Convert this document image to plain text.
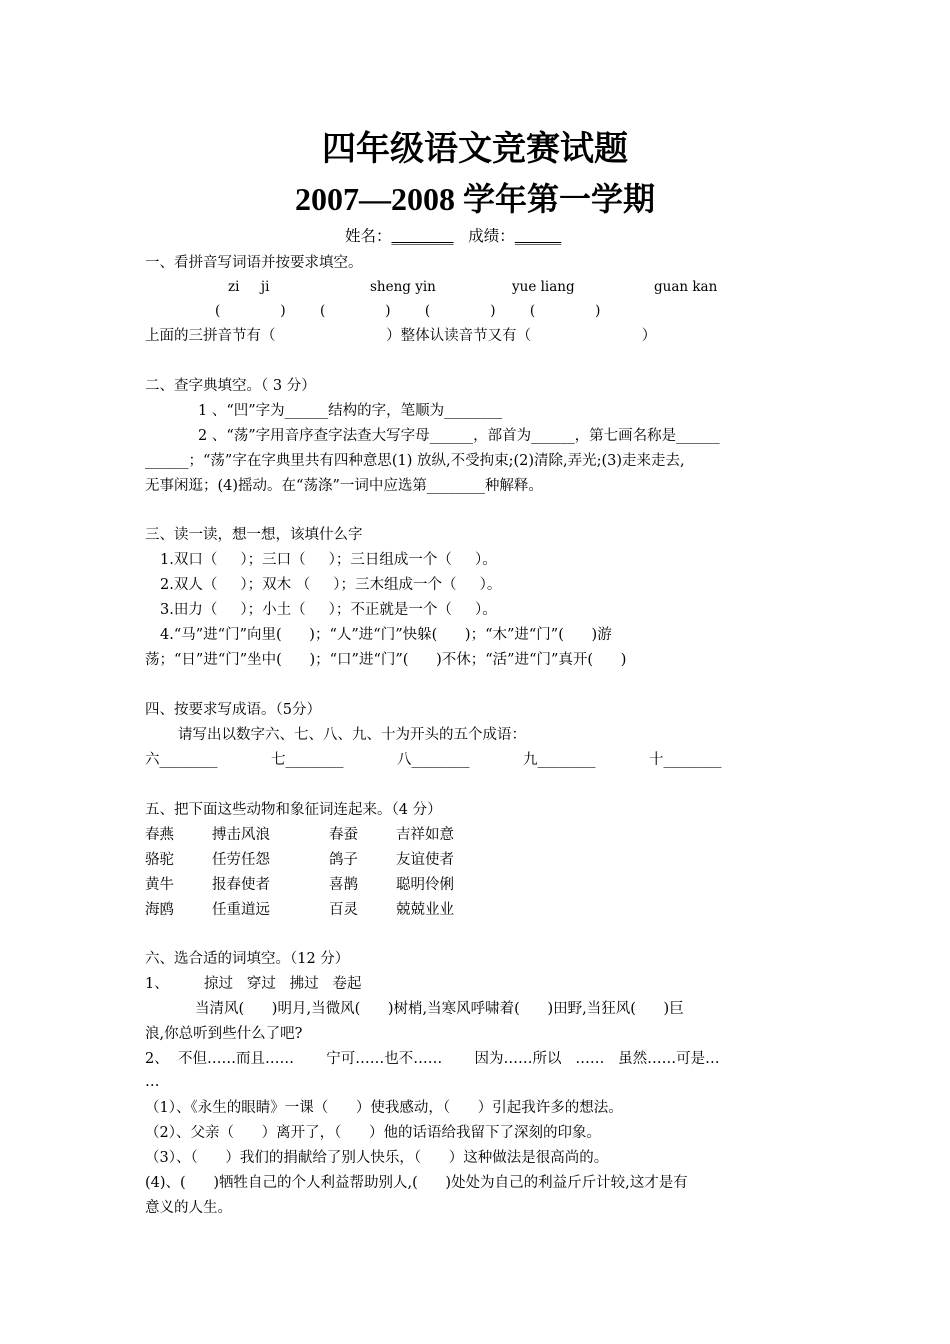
四年级语文竞赛试题
2007—2008 学年第一学期
姓名：________ 成绩：______
一、看拼音写词语并按要求填空。
zi     ji	sheng yin	yue liang	guan kan
(              )        (              )        (              )        (              )
上面的三拼音节有（                        ）整体认读音节又有（                        ）
二、查字典填空。（ 3 分）
1 、“凹”字为______结构的字，笔顺为________
2 、“荡”字用音序查字法查大写字母______，部首为______，第七画名称是______
______；“荡”字在字典里共有四种意思(1) 放纵,不受拘束;(2)清除,弄光;(3)走来走去,
无事闲逛；(4)摇动。在“荡涤”一词中应选第________种解释。
三、读一读，想一想，该填什么字
1.双口（     ）；三口（     ）；三日组成一个（     ）。
2.双人（     ）；双木 （     ）；三木组成一个（     ）。
3.田力（     ）；小土（     ）；不正就是一个（     ）。
4.“马”进“门”向里(      )；“人”进“门”快躲(      )；“木”进“门”(      )游
荡；“日”进“门”坐中(      )；“口”进“门”(      )不休；“活”进“门”真开(      )
四、按要求写成语。（5分）
请写出以数字六、七、八、九、十为开头的五个成语：
六________	七________	八________	九________	十________
五、把下面这些动物和象征词连起来。（4 分）
春燕	搏击风浪	春蚕	吉祥如意
骆驼	任劳任怨	鸽子	友谊使者
黄牛	报春使者	喜鹊	聪明伶俐
海鸥	任重道远	百灵	兢兢业业
六、选合适的词填空。（12 分）
1、 掠过   穿过   拂过   卷起
当清风(      )明月,当微风(      )树梢,当寒风呼啸着(      )田野,当狂风(      )巨
浪,你总听到些什么了吧?
2、 不但……而且……       宁可……也不……       因为……所以   ……   虽然……可是…
…
（1）、《永生的眼睛》一课（      ）使我感动，（      ）引起我许多的想法。
（2）、父亲（      ）离开了，（      ）他的话语给我留下了深刻的印象。
（3）、（      ）我们的捐献给了别人快乐，（      ）这种做法是很高尚的。
(4)、(      )牺牲自己的个人利益帮助别人,(      )处处为自己的利益斤斤计较,这才是有
意义的人生。
